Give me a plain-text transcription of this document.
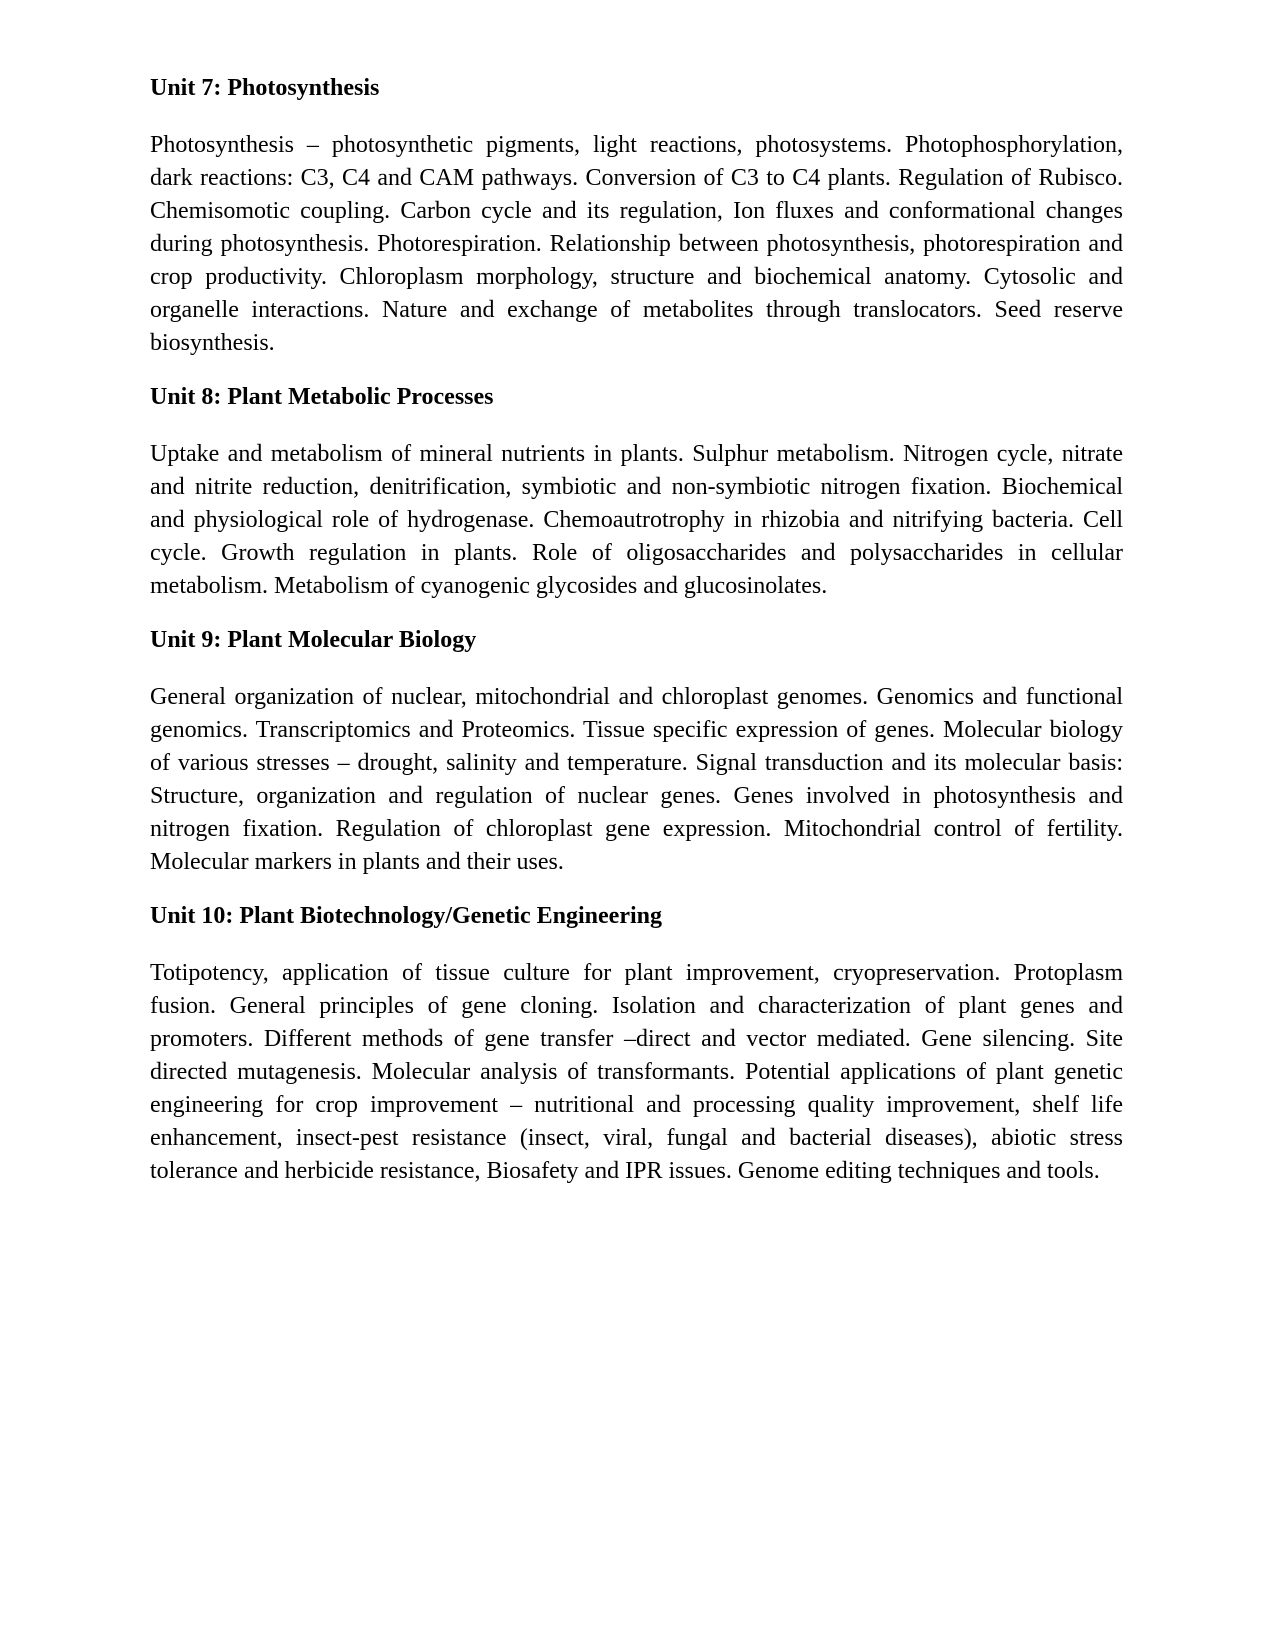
Unit 7: Photosynthesis

Photosynthesis – photosynthetic pigments, light reactions, photosystems. Photophosphorylation, dark reactions: C3, C4 and CAM pathways. Conversion of C3 to C4 plants. Regulation of Rubisco. Chemisomotic coupling. Carbon cycle and its regulation, Ion fluxes and conformational changes during photosynthesis. Photorespiration. Relationship between photosynthesis, photorespiration and crop productivity. Chloroplasm morphology, structure and biochemical anatomy. Cytosolic and organelle interactions. Nature and exchange of metabolites through translocators. Seed reserve biosynthesis.

Unit 8: Plant Metabolic Processes

Uptake and metabolism of mineral nutrients in plants. Sulphur metabolism. Nitrogen cycle, nitrate and nitrite reduction, denitrification, symbiotic and non-symbiotic nitrogen fixation. Biochemical and physiological role of hydrogenase. Chemoautrotrophy in rhizobia and nitrifying bacteria. Cell cycle. Growth regulation in plants. Role of oligosaccharides and polysaccharides in cellular metabolism. Metabolism of cyanogenic glycosides and glucosinolates.

Unit 9: Plant Molecular Biology

General organization of nuclear, mitochondrial and chloroplast genomes. Genomics and functional genomics. Transcriptomics and Proteomics. Tissue specific expression of genes. Molecular biology of various stresses – drought, salinity and temperature. Signal transduction and its molecular basis: Structure, organization and regulation of nuclear genes. Genes involved in photosynthesis and nitrogen fixation. Regulation of chloroplast gene expression. Mitochondrial control of fertility. Molecular markers in plants and their uses.

Unit 10: Plant Biotechnology/Genetic Engineering

Totipotency, application of tissue culture for plant improvement, cryopreservation. Protoplasm fusion. General principles of gene cloning. Isolation and characterization of plant genes and promoters. Different methods of gene transfer –direct and vector mediated. Gene silencing. Site directed mutagenesis. Molecular analysis of transformants. Potential applications of plant genetic engineering for crop improvement – nutritional and processing quality improvement, shelf life enhancement, insect-pest resistance (insect, viral, fungal and bacterial diseases), abiotic stress tolerance and herbicide resistance, Biosafety and IPR issues. Genome editing techniques and tools.
